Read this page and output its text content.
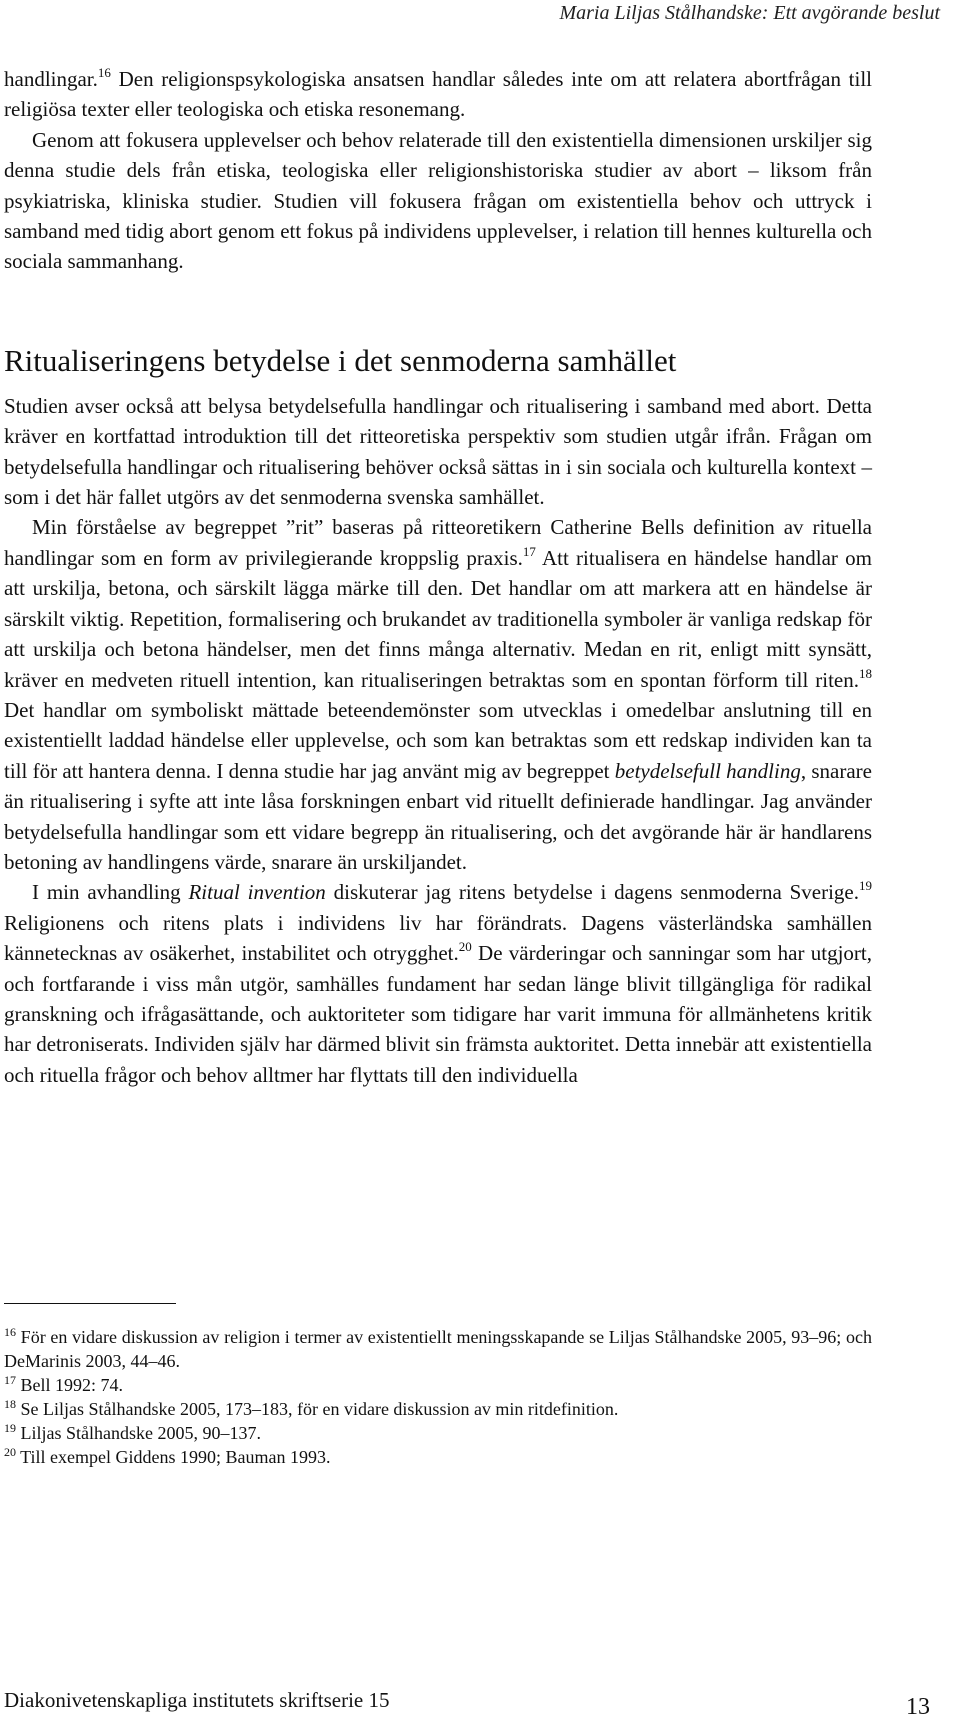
Maria Liljas Stålhandske: Ett avgörande beslut

handlingar.$^{16}$ Den religionspsykologiska ansatsen handlar således inte om att relatera abortfrågan till religiösa texter eller teologiska och etiska resonemang.

Genom att fokusera upplevelser och behov relaterade till den existentiella dimensionen urskiljer sig denna studie dels från etiska, teologiska eller religionshistoriska studier av abort – liksom från psykiatriska, kliniska studier. Studien vill fokusera frågan om existentiella behov och uttryck i samband med tidig abort genom ett fokus på individens upplevelser, i relation till hennes kulturella och sociala sammanhang.

Ritualiseringens betydelse i det senmoderna samhället

Studien avser också att belysa betydelsefulla handlingar och ritualisering i samband med abort. Detta kräver en kortfattad introduktion till det ritteoretiska perspektiv som studien utgår ifrån. Frågan om betydelsefulla handlingar och ritualisering behöver också sättas in i sin sociala och kulturella kontext – som i det här fallet utgörs av det senmoderna svenska samhället.

Min förståelse av begreppet ”rit” baseras på ritteoretikern Catherine Bells definition av rituella handlingar som en form av privilegierande kroppslig praxis.$^{17}$ Att ritualisera en händelse handlar om att urskilja, betona, och särskilt lägga märke till den. Det handlar om att markera att en händelse är särskilt viktig. Repetition, formalisering och brukandet av traditionella symboler är vanliga redskap för att urskilja och betona händelser, men det finns många alternativ. Medan en rit, enligt mitt synsätt, kräver en medveten rituell intention, kan ritualiseringen betraktas som en spontan förform till riten.$^{18}$ Det handlar om symboliskt mättade beteendemönster som utvecklas i omedelbar anslutning till en existentiellt laddad händelse eller upplevelse, och som kan betraktas som ett redskap individen kan ta till för att hantera denna. I denna studie har jag använt mig av begreppet betydelsefull handling, snarare än ritualisering i syfte att inte låsa forskningen enbart vid rituellt definierade handlingar. Jag använder betydelsefulla handlingar som ett vidare begrepp än ritualisering, och det avgörande här är handlarens betoning av handlingens värde, snarare än urskiljandet.

I min avhandling Ritual invention diskuterar jag ritens betydelse i dagens senmoderna Sverige.$^{19}$ Religionens och ritens plats i individens liv har förändrats. Dagens västerländska samhällen kännetecknas av osäkerhet, instabilitet och otrygghet.$^{20}$ De värderingar och sanningar som har utgjort, och fortfarande i viss mån utgör, samhälles fundament har sedan länge blivit tillgängliga för radikal granskning och ifrågasättande, och auktoriteter som tidigare har varit immuna för allmänhetens kritik har detroniserats. Individen själv har därmed blivit sin främsta auktoritet. Detta innebär att existentiella och rituella frågor och behov alltmer har flyttats till den individuella

$^{16}$ För en vidare diskussion av religion i termer av existentiellt meningsskapande se Liljas Stålhandske 2005, 93–96; och DeMarinis 2003, 44–46.

$^{17}$ Bell 1992: 74.

$^{18}$ Se Liljas Stålhandske 2005, 173–183, för en vidare diskussion av min ritdefinition.

$^{19}$ Liljas Stålhandske 2005, 90–137.

$^{20}$ Till exempel Giddens 1990; Bauman 1993.

Diakonivetenskapliga institutets skriftserie 15	13
